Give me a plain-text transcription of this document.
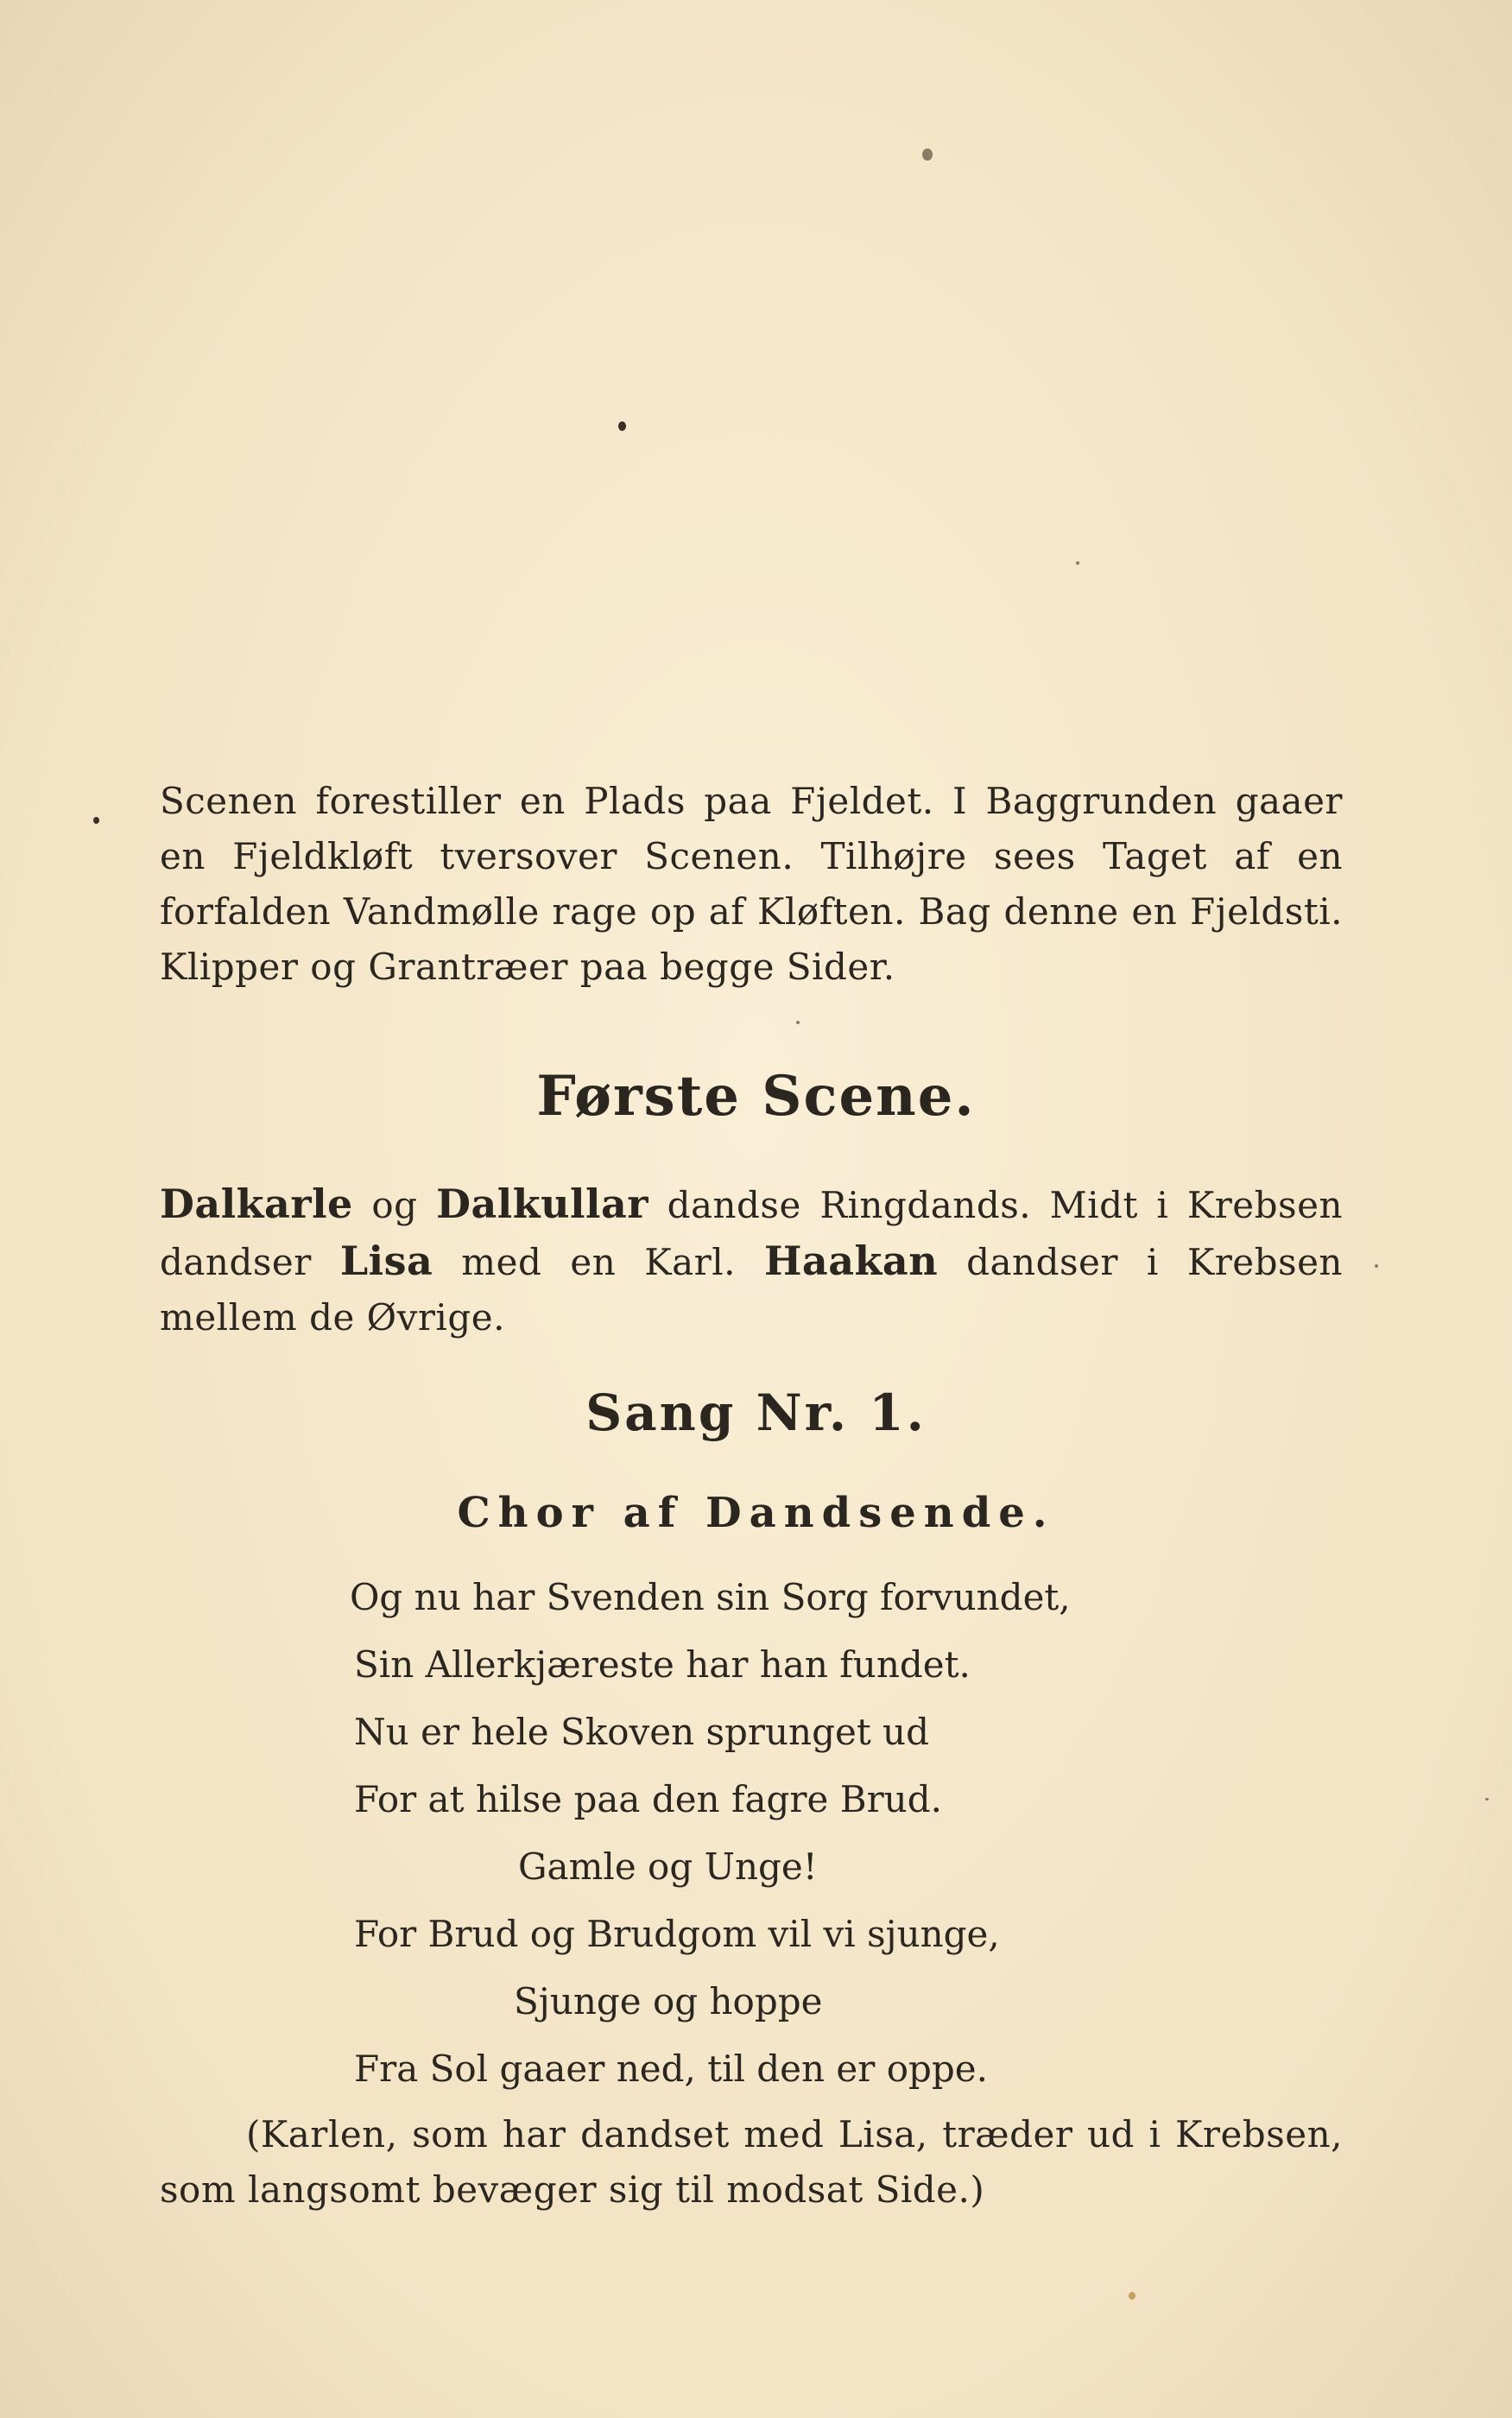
Scenen forestiller en Plads paa Fjeldet. I Baggrunden gaaer en Fjeldkløft tversover Scenen. Tilhøjre sees Taget af en forfalden Vandmølle rage op af Kløften. Bag denne en Fjeldsti. Klipper og Grantræer paa begge Sider.

Første Scene.

Dalkarle og Dalkullar dandse Ringdands. Midt i Krebsen dandser Lisa med en Karl. Haakan dandser i Krebsen mellem de Øvrige.

Sang Nr. 1.
Chor af Dandsende.

Og nu har Svenden sin Sorg forvundet,

Sin Allerkjæreste har han fundet.

Nu er hele Skoven sprunget ud

For at hilse paa den fagre Brud.

Gamle og Unge!

For Brud og Brudgom vil vi sjunge,

Sjunge og hoppe

Fra Sol gaaer ned, til den er oppe.

(Karlen, som har dandset med Lisa, træder ud i Krebsen, som langsomt bevæger sig til modsat Side.)
